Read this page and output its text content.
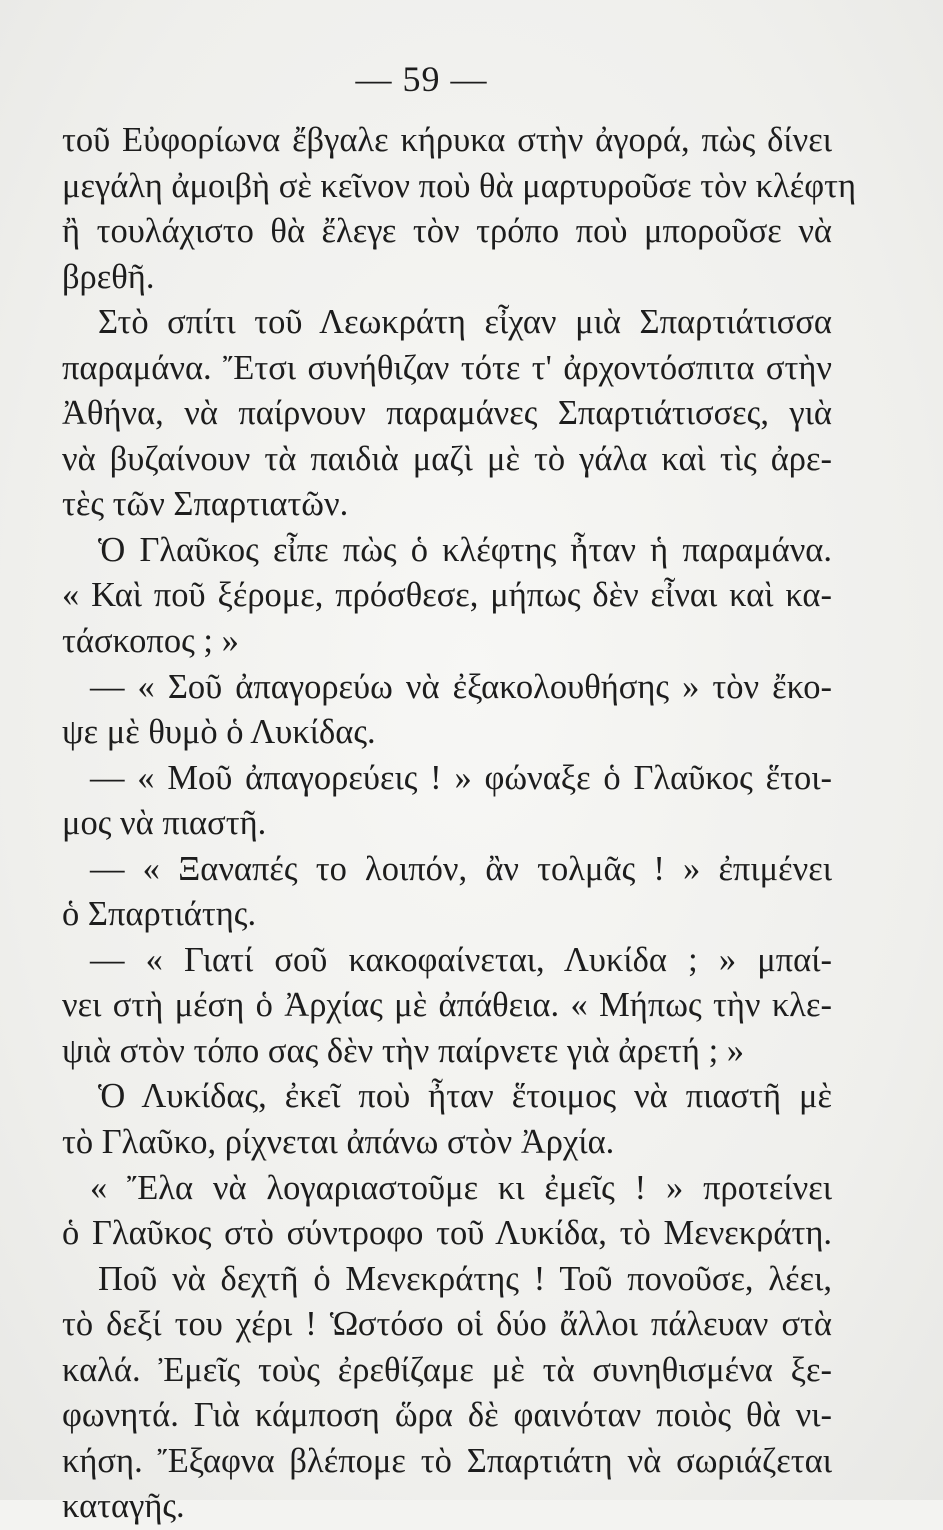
— 59 —
τοῦ Εὐφορίωνα ἔβγαλε κήρυκα στὴν ἀγορά, πὼς δίνει
μεγάλη ἀμοιβὴ σὲ κεῖνον ποὺ θὰ μαρτυροῦσε τὸν κλέφτη
ἢ τουλάχιστο θὰ ἔλεγε τὸν τρόπο ποὺ μποροῦσε νὰ
βρεθῆ.
Στὸ σπίτι τοῦ Λεωκράτη εἶχαν μιὰ Σπαρτιάτισσα
παραμάνα. Ἔτσι συνήθιζαν τότε τ' ἀρχοντόσπιτα στὴν
Ἀθήνα, νὰ παίρνουν παραμάνες Σπαρτιάτισσες, γιὰ
νὰ βυζαίνουν τὰ παιδιὰ μαζὶ μὲ τὸ γάλα καὶ τὶς ἀρε-
τὲς τῶν Σπαρτιατῶν.
Ὁ Γλαῦκος εἶπε πὼς ὁ κλέφτης ἦταν ἡ παραμάνα.
« Καὶ ποῦ ξέρομε, πρόσθεσε, μήπως δὲν εἶναι καὶ κα-
τάσκοπος ; »
— « Σοῦ ἀπαγορεύω νὰ ἐξακολουθήσης » τὸν ἔκο-
ψε μὲ θυμὸ ὁ Λυκίδας.
— « Μοῦ ἀπαγορεύεις ! » φώναξε ὁ Γλαῦκος ἕτοι-
μος νὰ πιαστῆ.
— « Ξαναπές το λοιπόν, ἂν τολμᾶς ! » ἐπιμένει
ὁ Σπαρτιάτης.
— « Γιατί σοῦ κακοφαίνεται, Λυκίδα ; » μπαί-
νει στὴ μέση ὁ Ἀρχίας μὲ ἀπάθεια. « Μήπως τὴν κλε-
ψιὰ στὸν τόπο σας δὲν τὴν παίρνετε γιὰ ἀρετή ; »
Ὁ Λυκίδας, ἐκεῖ ποὺ ἦταν ἕτοιμος νὰ πιαστῆ μὲ
τὸ Γλαῦκο, ρίχνεται ἀπάνω στὸν Ἀρχία.
« Ἔλα νὰ λογαριαστοῦμε κι ἐμεῖς ! » προτείνει
ὁ Γλαῦκος στὸ σύντροφο τοῦ Λυκίδα, τὸ Μενεκράτη.
Ποῦ νὰ δεχτῆ ὁ Μενεκράτης ! Τοῦ πονοῦσε, λέει,
τὸ δεξί του χέρι ! Ὡστόσο οἱ δύο ἄλλοι πάλευαν στὰ
καλά. Ἐμεῖς τοὺς ἐρεθίζαμε μὲ τὰ συνηθισμένα ξε-
φωνητά. Γιὰ κάμποση ὥρα δὲ φαινόταν ποιὸς θὰ νι-
κήση. Ἔξαφνα βλέπομε τὸ Σπαρτιάτη νὰ σωριάζεται
καταγῆς.
